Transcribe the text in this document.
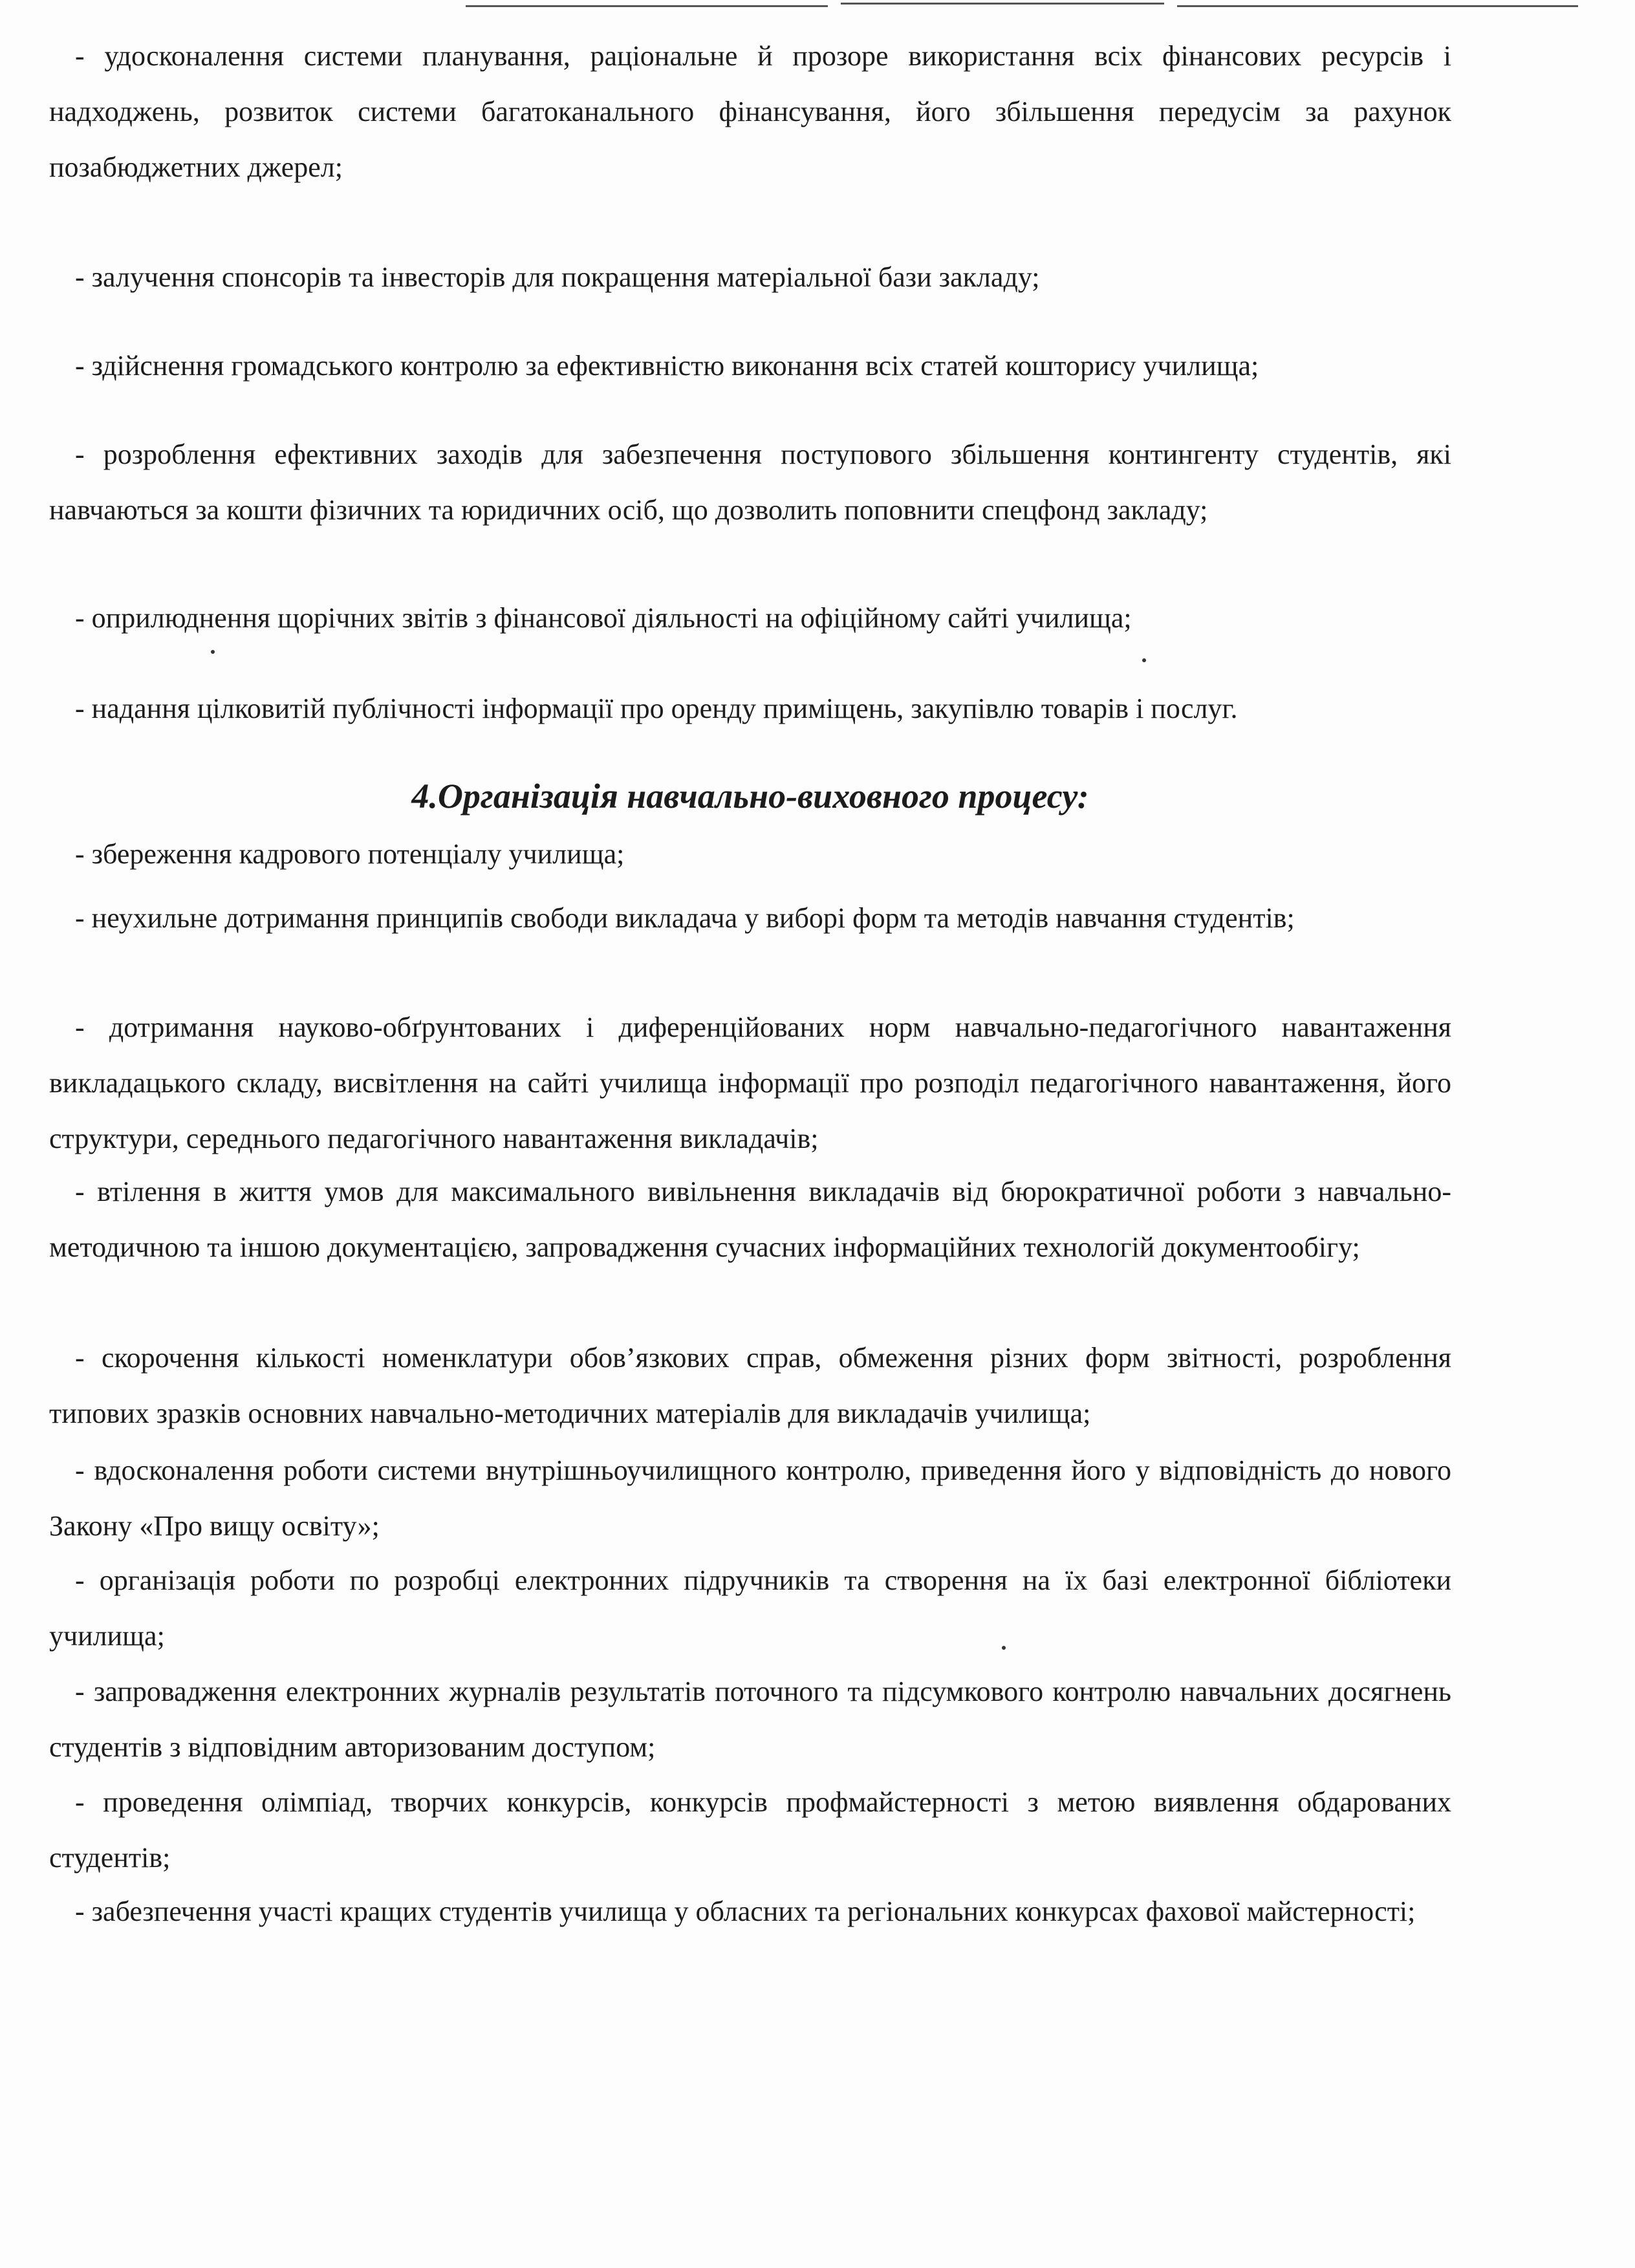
- удосконалення системи планування, раціональне й прозоре використання всіх фінансових ресурсів і надходжень, розвиток системи багатоканального фінансування, його збільшення передусім за рахунок позабюджетних джерел;

- залучення спонсорів та інвесторів для покращення матеріальної бази закладу;

- здійснення громадського контролю за ефективністю виконання всіх статей кошторису училища;

- розроблення ефективних заходів для забезпечення поступового збільшення контингенту студентів, які навчаються за кошти фізичних та юридичних осіб, що дозволить поповнити спецфонд закладу;

- оприлюднення щорічних звітів з фінансової діяльності на офіційному сайті училища;

- надання цілковитій публічності інформації про оренду приміщень, закупівлю товарів і послуг.

4.Організація навчально-виховного процесу:

- збереження кадрового потенціалу училища;

- неухильне дотримання принципів свободи викладача у виборі форм та методів навчання студентів;

- дотримання науково-обґрунтованих і диференційованих норм навчально-педагогічного навантаження викладацького складу, висвітлення на сайті училища інформації про розподіл педагогічного навантаження, його структури, середнього педагогічного навантаження викладачів;

- втілення в життя умов для максимального вивільнення викладачів від бюрократичної роботи з навчально-методичною та іншою документацією, запровадження сучасних інформаційних технологій документообігу;

- скорочення кількості номенклатури обов’язкових справ, обмеження різних форм звітності, розроблення типових зразків основних навчально-методичних матеріалів для викладачів училища;

- вдосконалення роботи системи внутрішньоучилищного контролю, приведення його у відповідність до нового Закону «Про вищу освіту»;

- організація роботи по розробці електронних підручників та створення на їх базі електронної бібліотеки училища;

- запровадження електронних журналів результатів поточного та підсумкового контролю навчальних досягнень студентів з відповідним авторизованим доступом;

- проведення олімпіад, творчих конкурсів, конкурсів профмайстерності з метою виявлення обдарованих студентів;

- забезпечення участі кращих студентів училища у обласних та регіональних конкурсах фахової майстерності;
